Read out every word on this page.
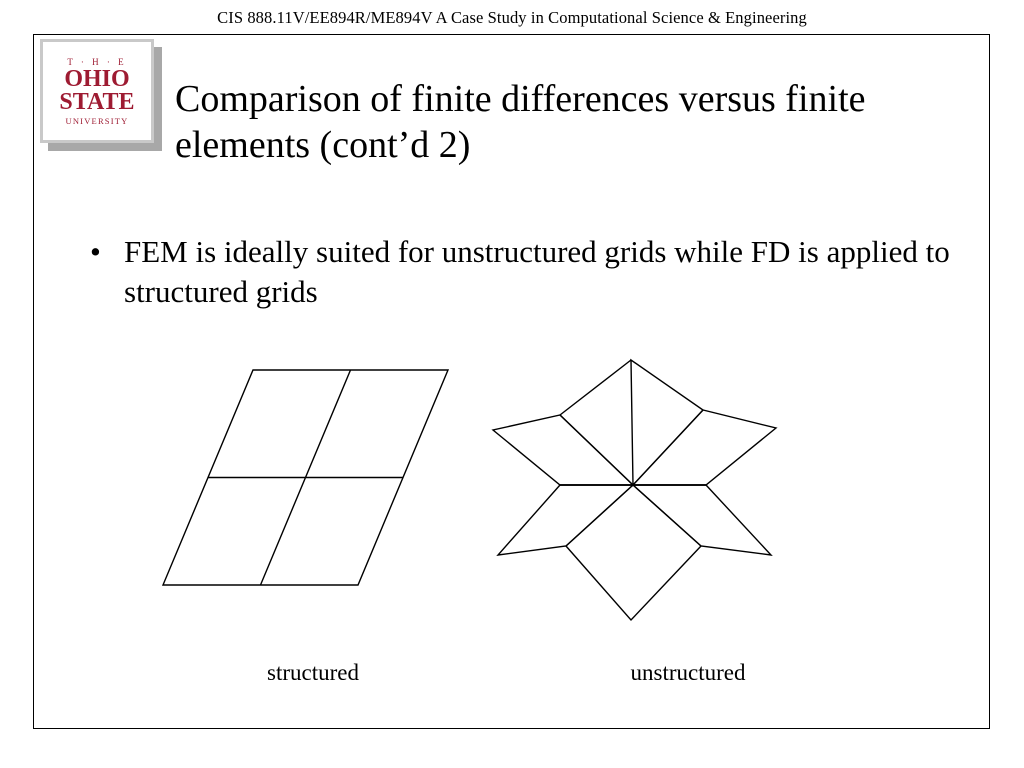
CIS 888.11V/EE894R/ME894V A Case Study in Computational Science & Engineering
T · H · E
OHIO
STATE
UNIVERSITY
Comparison of finite differences versus finite elements (cont’d 2)
• FEM is ideally suited for unstructured grids while FD is applied to structured grids
structured	unstructured
